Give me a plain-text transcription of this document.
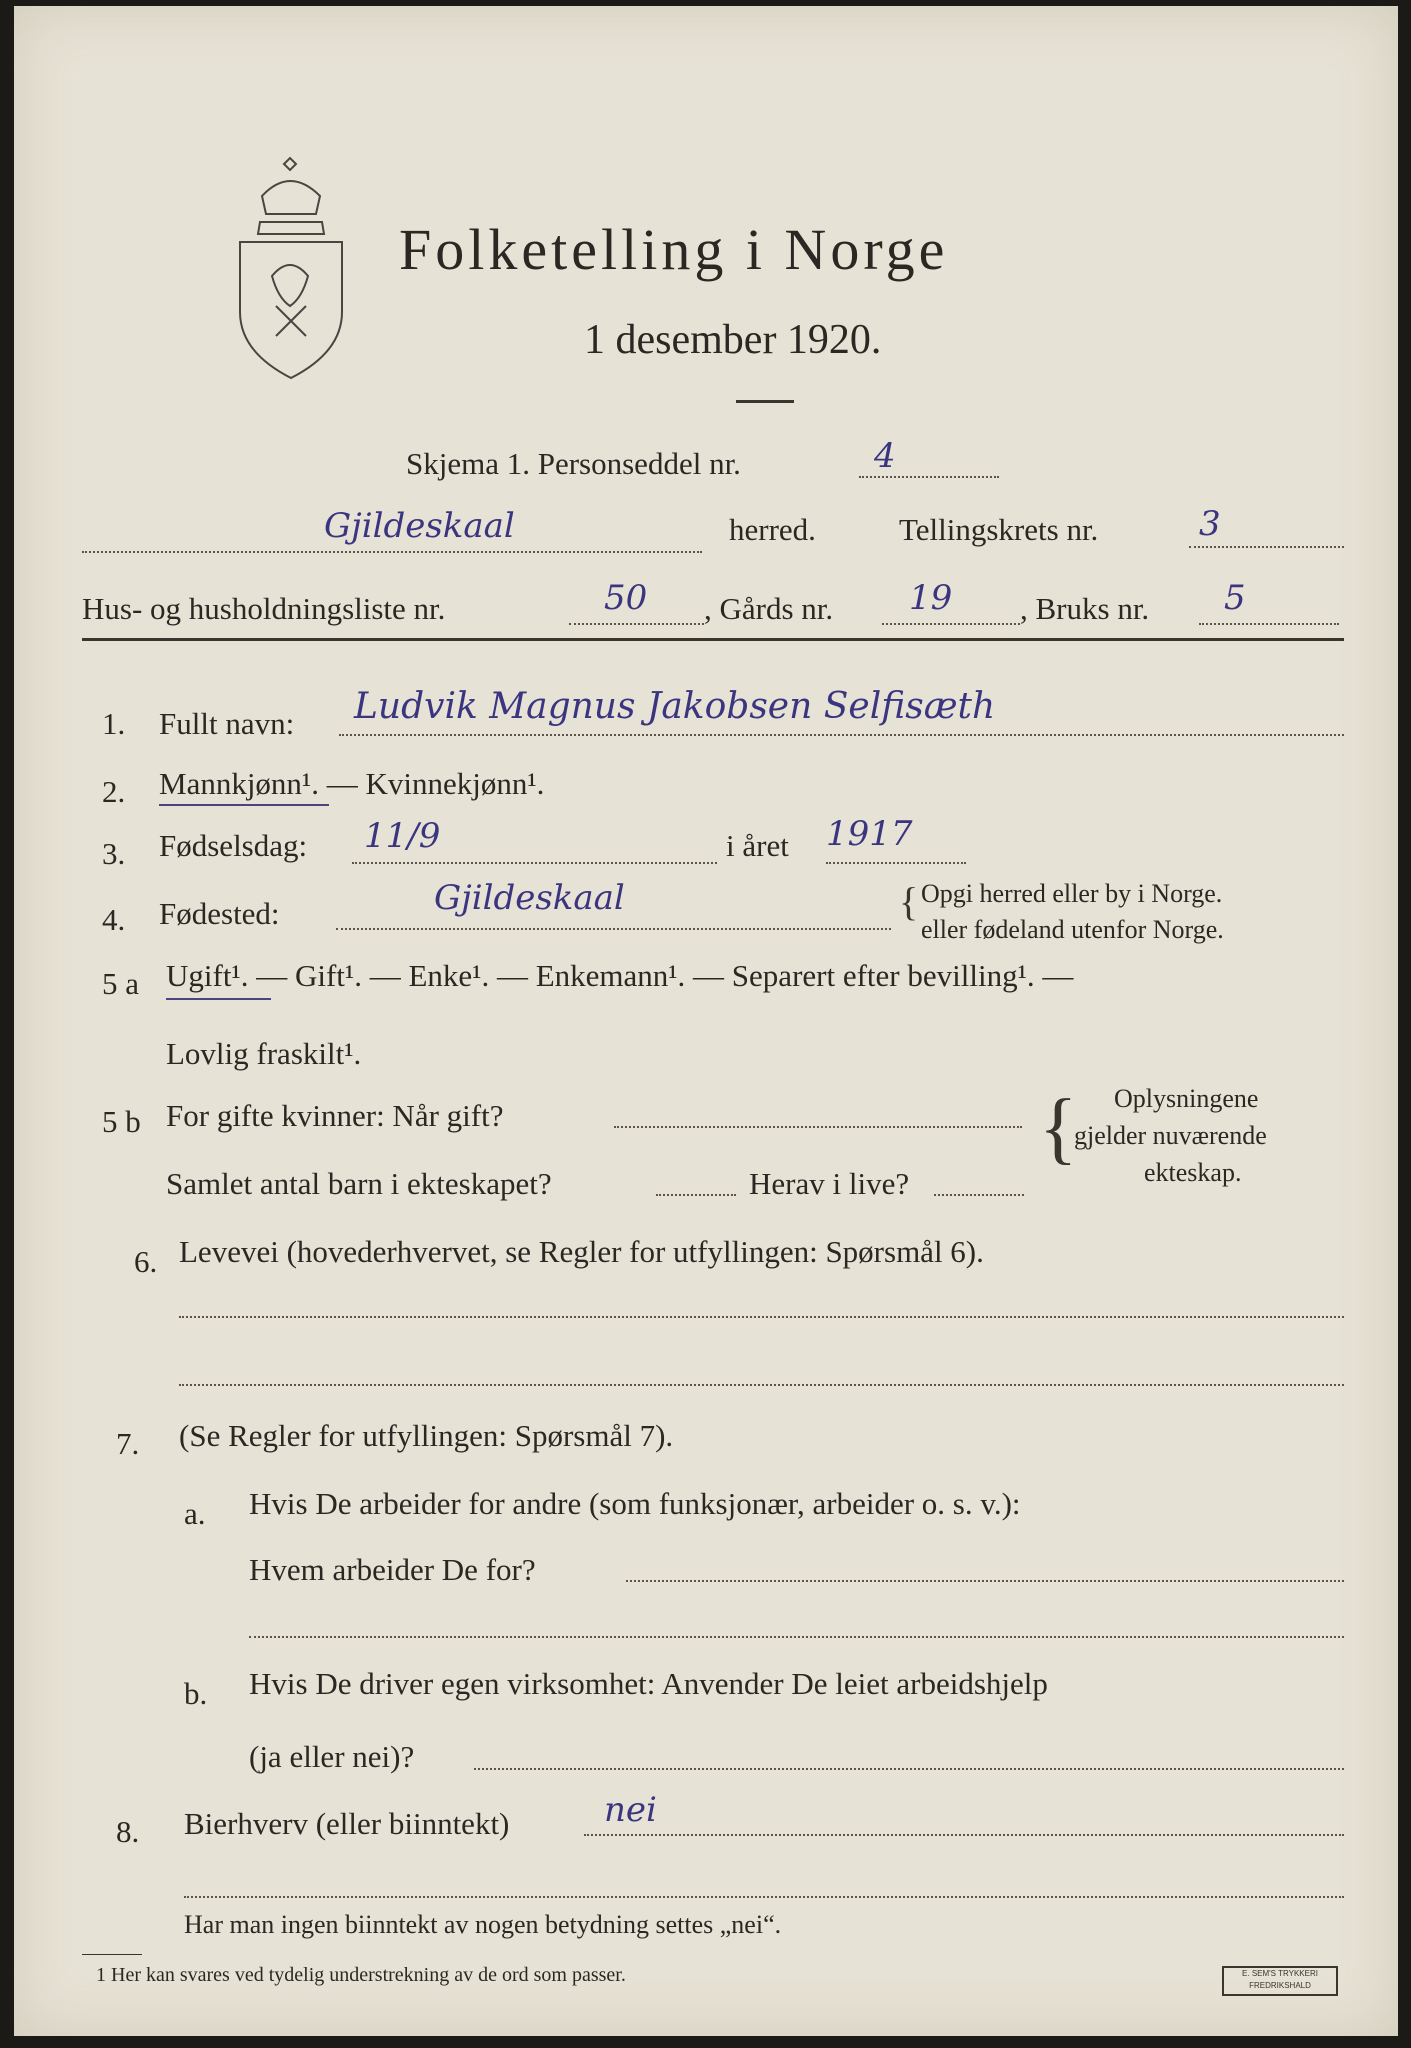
Folketelling i Norge
1 desember 1920.
Skjema 1. Personseddel nr.	4
Gjildeskaal	herred.	Tellingskrets nr.	3
Hus- og husholdningsliste nr.	50 , Gårds nr. 19 , Bruks nr. 5
1. Fullt navn: Ludvik Magnus Jakobsen Selfisæth
2. Mannkjønn¹. — Kvinnekjønn¹.
3. Fødselsdag: 11/9	i året 1917
4. Fødested:	Gjildeskaal	{ Opgi herred eller by i Norge.
eller fødeland utenfor Norge.
5 a Ugift¹. — Gift¹. — Enke¹. — Enkemann¹. — Separert efter bevilling¹. —
Lovlig fraskilt¹.
5 b For gifte kvinner: Når gift?
Samlet antal barn i ekteskapet?	Herav i live?
{ Oplysningene
gjelder nuværende
ekteskap.
6. Levevei (hovederhvervet, se Regler for utfyllingen: Spørsmål 6).
7. (Se Regler for utfyllingen: Spørsmål 7).
a. Hvis De arbeider for andre (som funksjonær, arbeider o. s. v.):
Hvem arbeider De for?
b. Hvis De driver egen virksomhet: Anvender De leiet arbeidshjelp
(ja eller nei)?
8. Bierhverv (eller biinntekt)	nei
Har man ingen biinntekt av nogen betydning settes „nei“.
1 Her kan svares ved tydelig understrekning av de ord som passer.	E. SEM'S TRYKKERI FREDRIKSHALD
